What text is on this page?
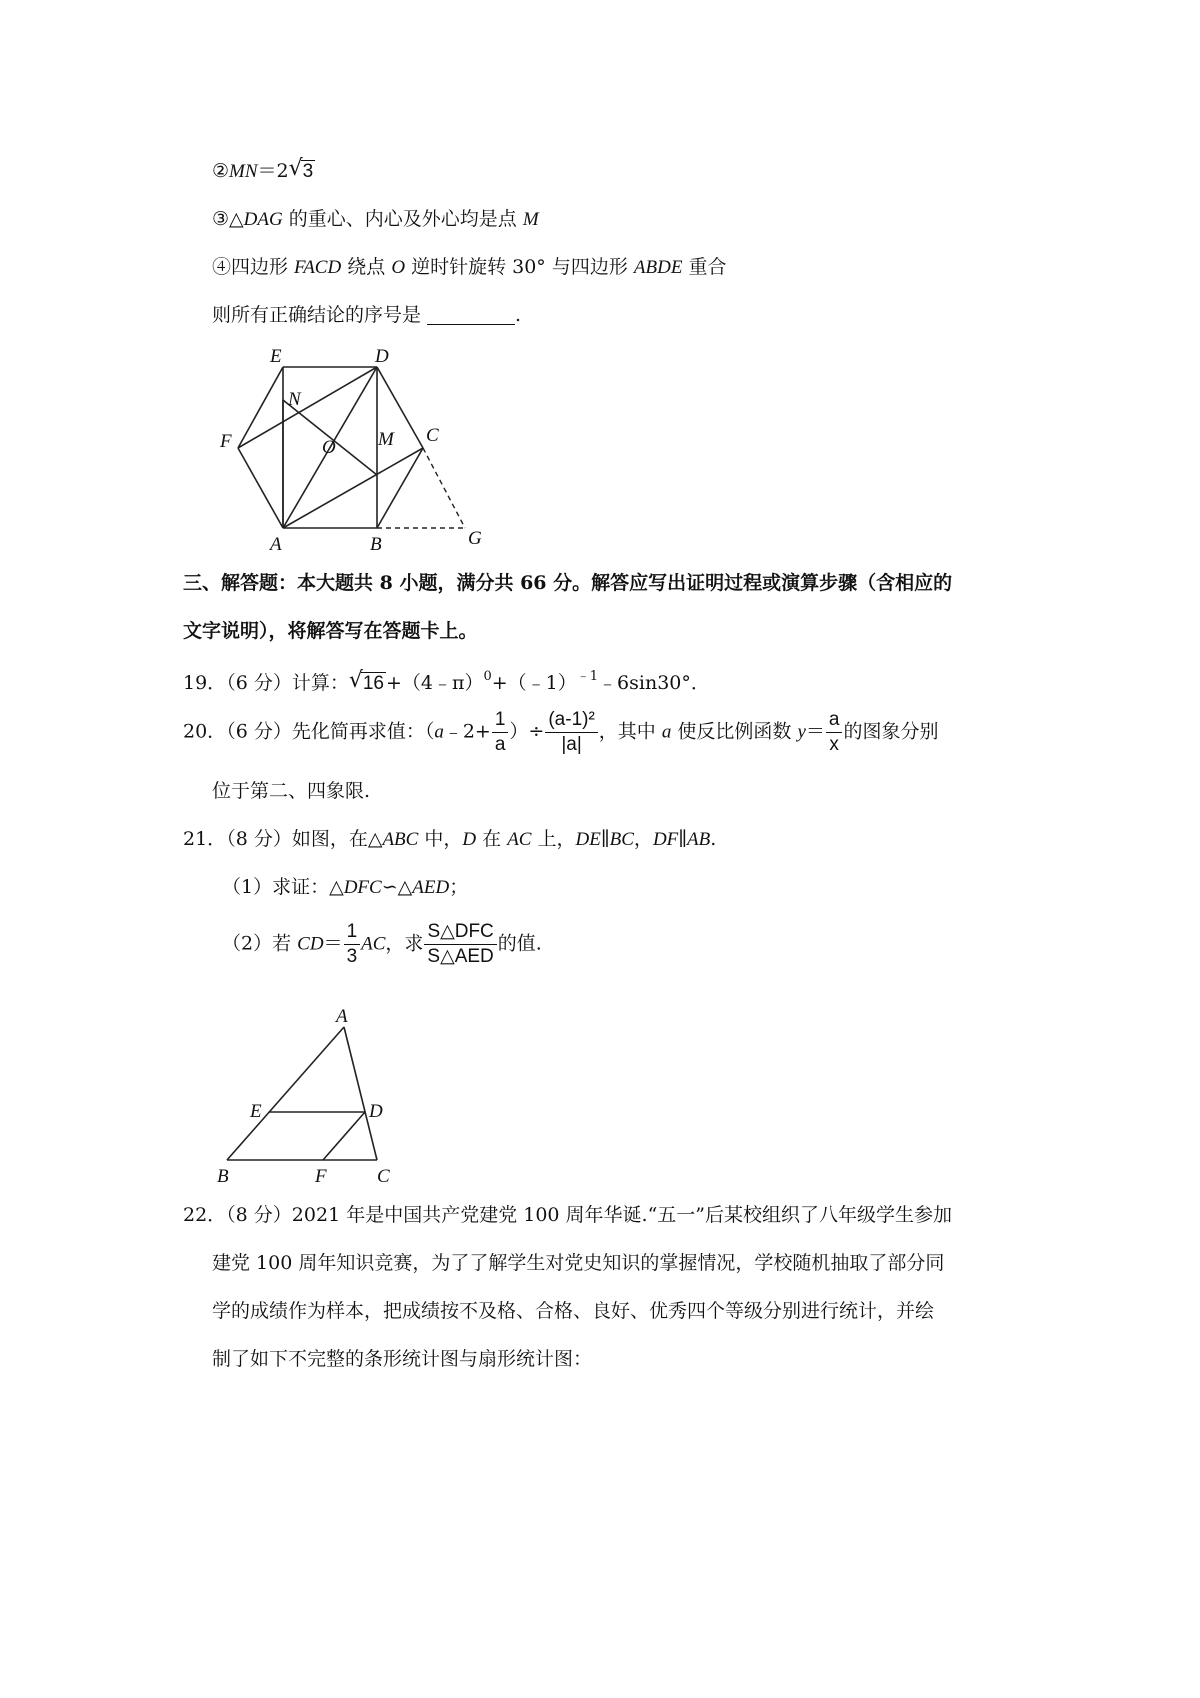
②MN＝2 √ 3
③△DAG 的重心、内心及外心均是点 M
④四边形 FACD 绕点 O 逆时针旋转 30° 与四边形 ABDE 重合
则所有正确结论的序号是	.
E	D
N
F	O M C
A	B	G
三、解答题：本大题共 8 小题，满分共 66 分。解答应写出证明过程或演算步骤（含相应的
文字说明），将解答写在答题卡上。
19．（6 分）计算： √ 16 +（4﹣π）$^0$+（﹣1）$^{﹣1}$﹣6sin30°．
20．（6 分）先化简再求值：（a﹣2+ $\frac{1}{a}$ ）÷ $\frac{\text{(a-1)²}}{|a|}$ ，其中 a 使反比例函数 $y= \frac{a}{x}$ 的图象分别
位于第二、四象限.
21．（8 分）如图，在△ABC 中，D 在 AC 上，DE∥BC，DF∥AB.
（1）求证：△DFC∽△AED；
（2）若 $CD= \frac{1}{3}$ AC，求 $\frac{\text{S△DFC}}{\text{S△AED}}$ 的值.
A
E	D
B	F	C
22．（8 分）2021 年是中国共产党建党 100 周年华诞.“五一”后某校组织了八年级学生参加
建党 100 周年知识竞赛，为了了解学生对党史知识的掌握情况，学校随机抽取了部分同
学的成绩作为样本，把成绩按不及格、合格、良好、优秀四个等级分别进行统计，并绘
制了如下不完整的条形统计图与扇形统计图：
